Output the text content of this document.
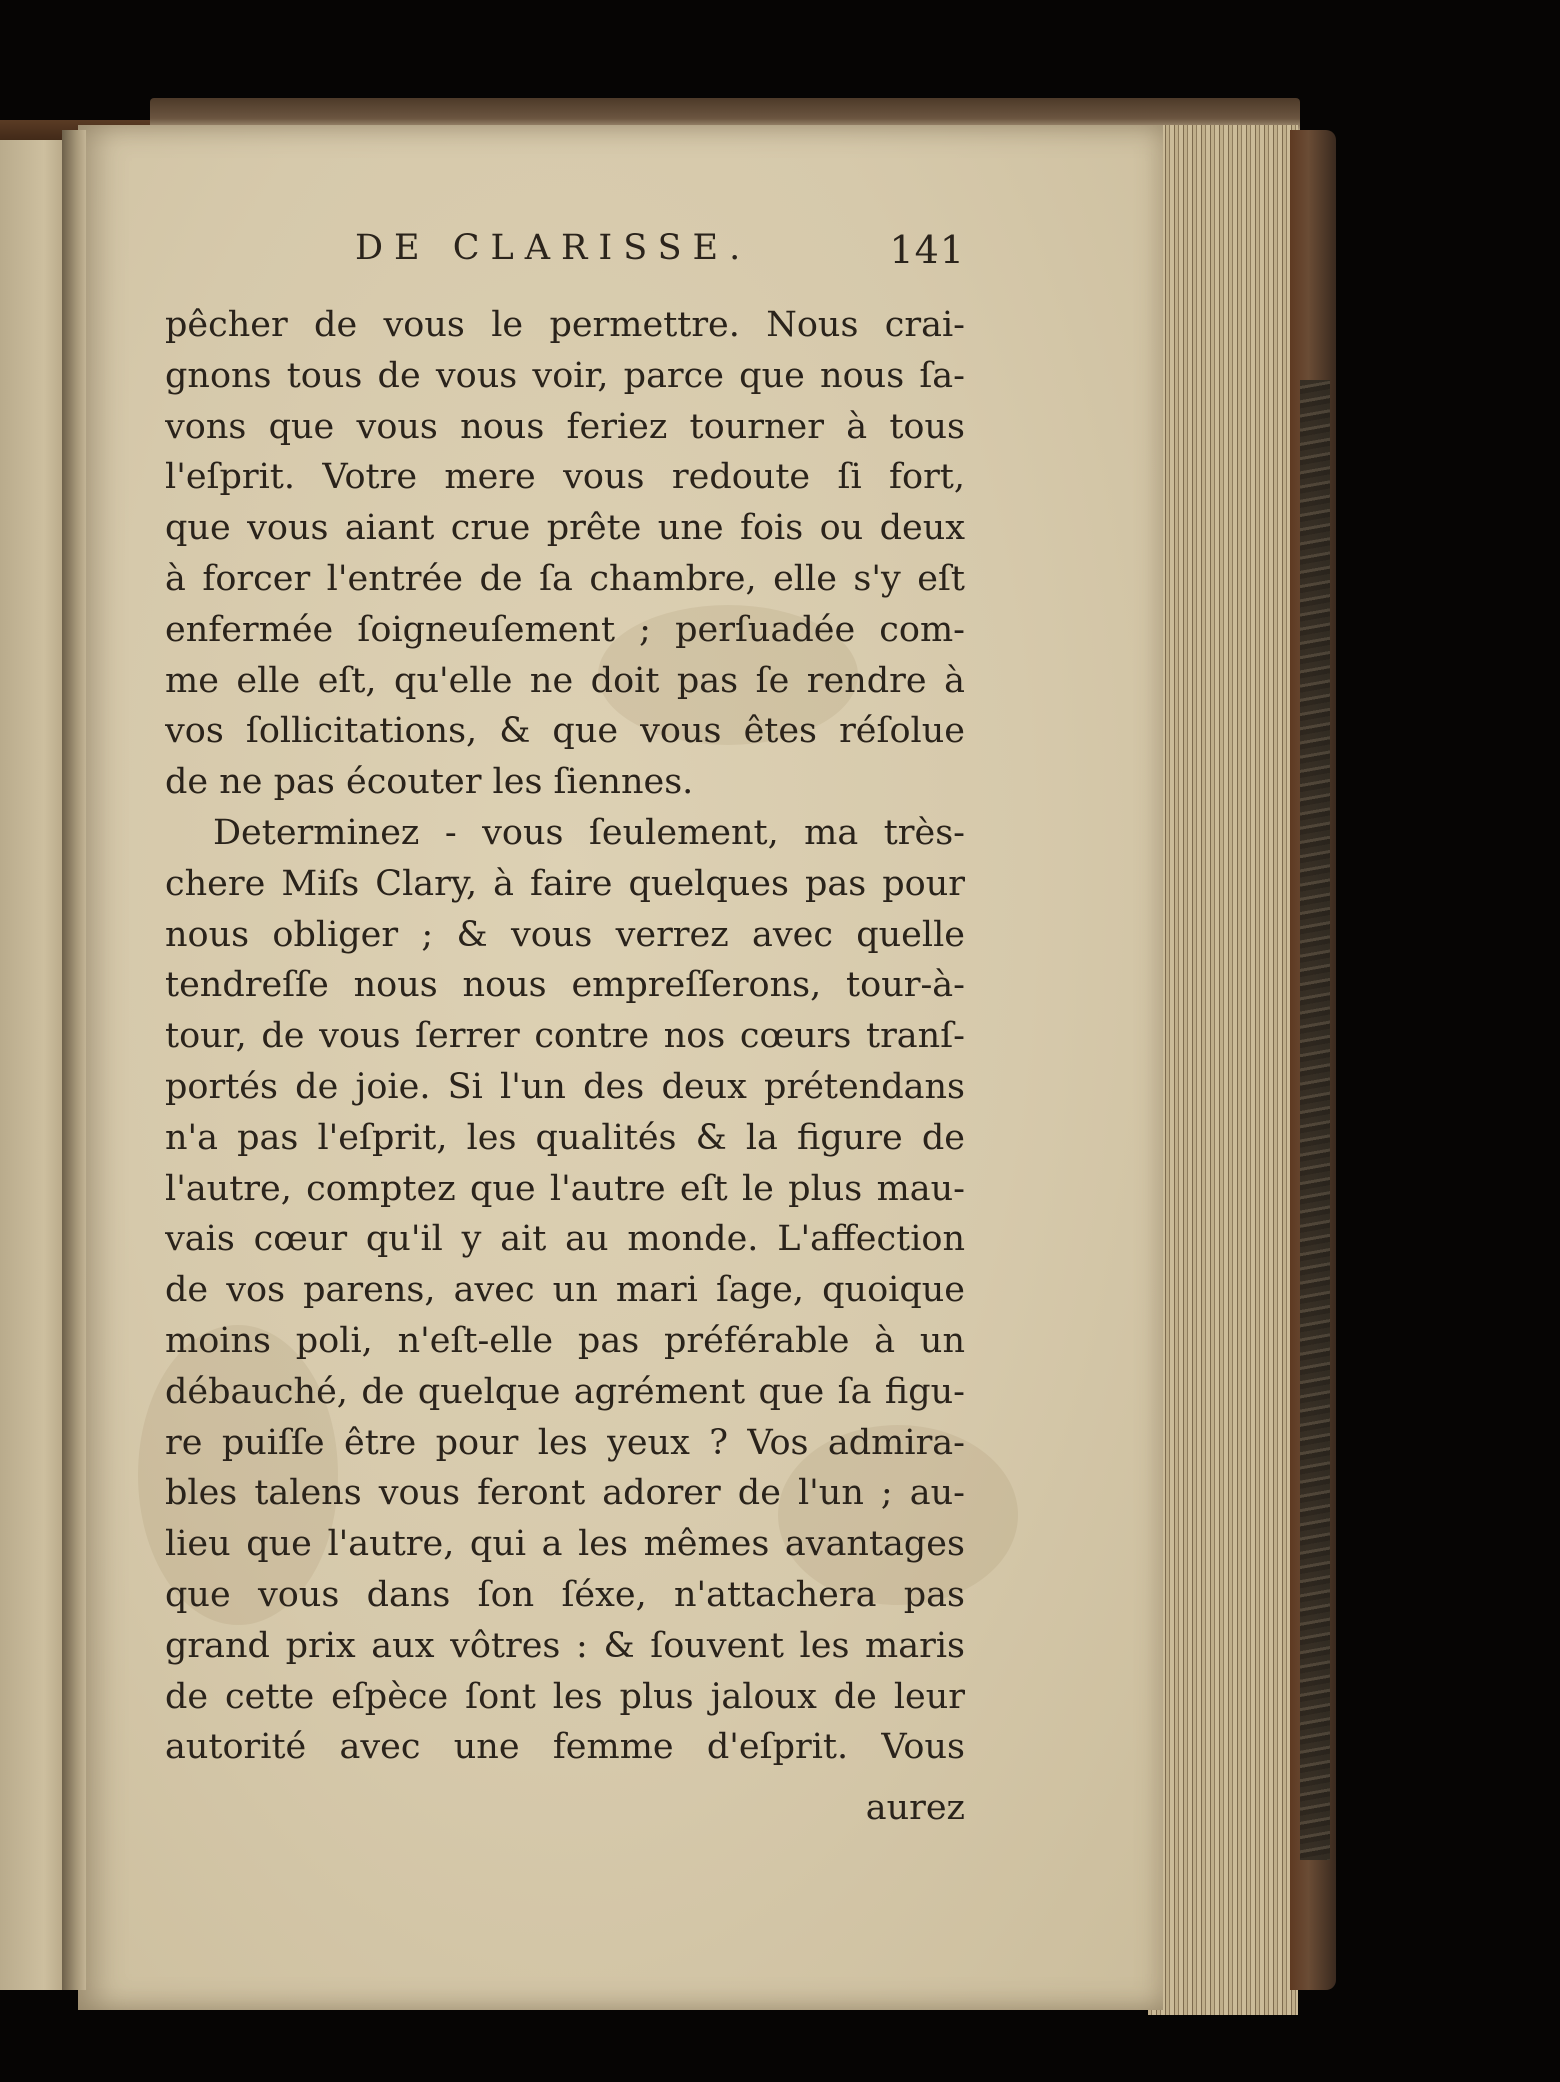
DE CLARISSE.	141
pêcher de vous le permettre. Nous crai-
gnons tous de vous voir, parce que nous ſa-
vons que vous nous feriez tourner à tous
l'eſprit. Votre mere vous redoute ſi fort,
que vous aiant crue prête une fois ou deux
à forcer l'entrée de ſa chambre, elle s'y eſt
enfermée ſoigneuſement ; perſuadée com-
me elle eſt, qu'elle ne doit pas ſe rendre à
vos ſollicitations, & que vous êtes réſolue
de ne pas écouter les ſiennes.
Determinez - vous ſeulement, ma très-
chere Miſs Clary, à faire quelques pas pour
nous obliger ; & vous verrez avec quelle
tendreſſe nous nous empreſſerons, tour-à-
tour, de vous ſerrer contre nos cœurs tranſ-
portés de joie. Si l'un des deux prétendans
n'a pas l'eſprit, les qualités & la figure de
l'autre, comptez que l'autre eſt le plus mau-
vais cœur qu'il y ait au monde. L'affection
de vos parens, avec un mari ſage, quoique
moins poli, n'eſt-elle pas préférable à un
débauché, de quelque agrément que ſa figu-
re puiſſe être pour les yeux ? Vos admira-
bles talens vous feront adorer de l'un ; au-
lieu que l'autre, qui a les mêmes avantages
que vous dans ſon ſéxe, n'attachera pas
grand prix aux vôtres : & ſouvent les maris
de cette eſpèce ſont les plus jaloux de leur
autorité avec une femme d'eſprit. Vous
aurez
